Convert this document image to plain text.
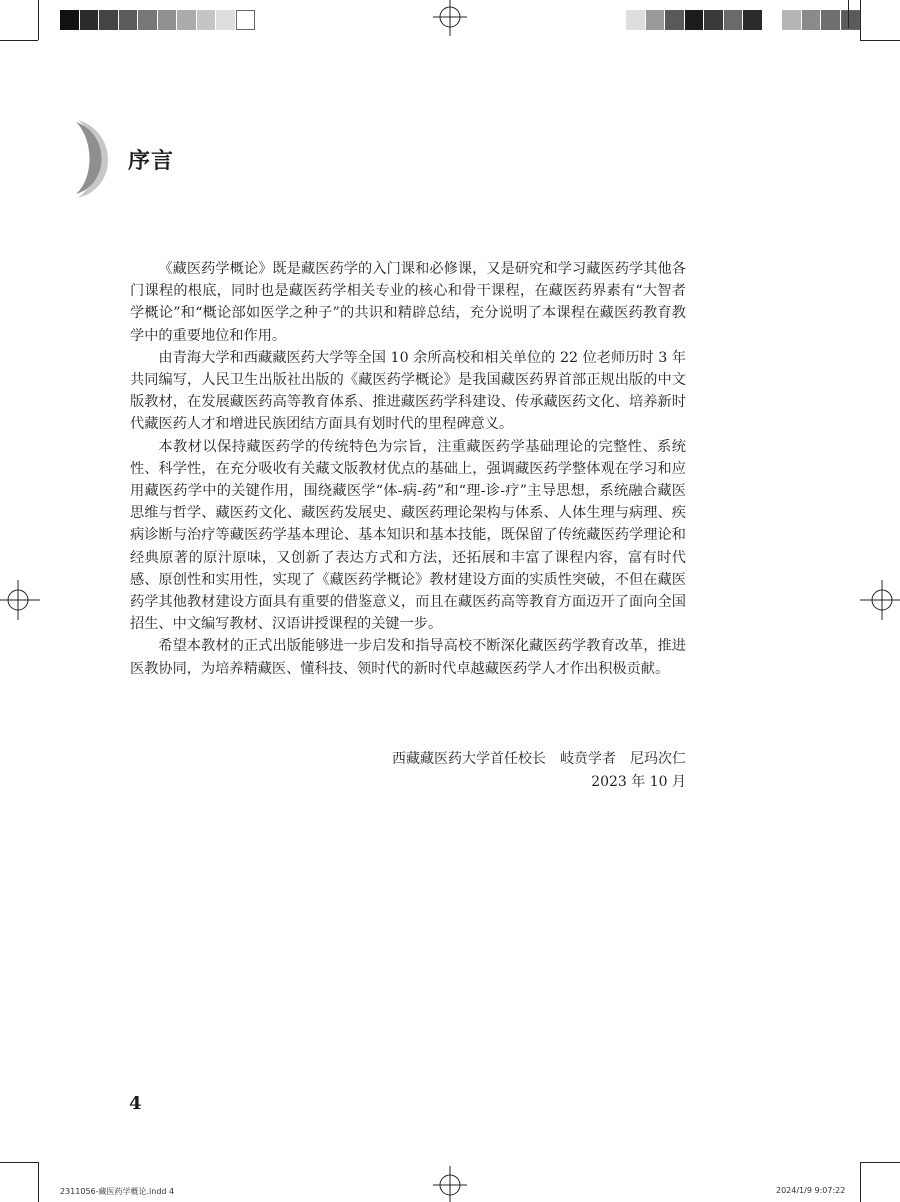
序言

《藏医药学概论》既是藏医药学的入门课和必修课，又是研究和学习藏医药学其他各门课程的根底，同时也是藏医药学相关专业的核心和骨干课程，在藏医药界素有“大智者学概论”和“概论部如医学之种子”的共识和精辟总结，充分说明了本课程在藏医药教育教学中的重要地位和作用。

由青海大学和西藏藏医药大学等全国 10 余所高校和相关单位的 22 位老师历时 3 年共同编写，人民卫生出版社出版的《藏医药学概论》是我国藏医药界首部正规出版的中文版教材，在发展藏医药高等教育体系、推进藏医药学科建设、传承藏医药文化、培养新时代藏医药人才和增进民族团结方面具有划时代的里程碑意义。

本教材以保持藏医药学的传统特色为宗旨，注重藏医药学基础理论的完整性、系统性、科学性，在充分吸收有关藏文版教材优点的基础上，强调藏医药学整体观在学习和应用藏医药学中的关键作用，围绕藏医学“体-病-药”和“理-诊-疗”主导思想，系统融合藏医思维与哲学、藏医药文化、藏医药发展史、藏医药理论架构与体系、人体生理与病理、疾病诊断与治疗等藏医药学基本理论、基本知识和基本技能，既保留了传统藏医药学理论和经典原著的原汁原味，又创新了表达方式和方法，还拓展和丰富了课程内容，富有时代感、原创性和实用性，实现了《藏医药学概论》教材建设方面的实质性突破，不但在藏医药学其他教材建设方面具有重要的借鉴意义，而且在藏医药高等教育方面迈开了面向全国招生、中文编写教材、汉语讲授课程的关键一步。

希望本教材的正式出版能够进一步启发和指导高校不断深化藏医药学教育改革，推进医教协同，为培养精藏医、懂科技、领时代的新时代卓越藏医药学人才作出积极贡献。

西藏藏医药大学首任校长　岐贲学者　尼玛次仁
2023 年 10 月
4
2311056-藏医药学概论.indd 4	2024/1/9 9:07:22
